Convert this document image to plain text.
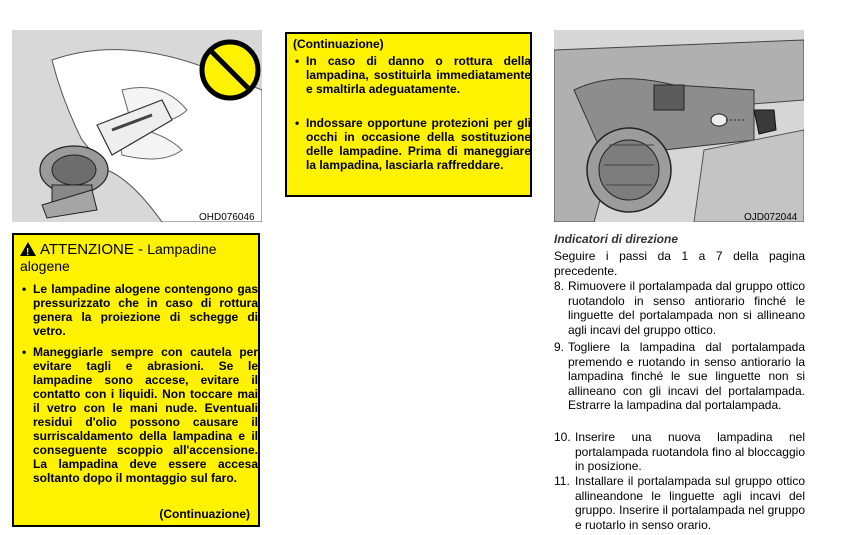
OHD076046
!ATTENZIONE - Lampadine alogene
• Le lampadine alogene contengono gas pressurizzato che in caso di rottura genera la proiezione di schegge di vetro.
• Maneggiarle sempre con cautela per evitare tagli e abrasioni. Se le lampadine sono accese, evitare il contatto con i liquidi. Non toccare mai il vetro con le mani nude. Eventuali residui d'olio possono causare il surriscaldamento della lampadina e il conseguente scoppio all'accensione. La lampadina deve essere accesa soltanto dopo il montaggio sul faro.
(Continuazione)
(Continuazione)
• In caso di danno o rottura della lampadina, sostituirla immediatamente e smaltirla adeguatamente.
• Indossare opportune protezioni per gli occhi in occasione della sostituzione delle lampadine. Prima di maneggiare la lampadina, lasciarla raffreddare.
OJD072044
Indicatori di direzione
Seguire i passi da 1 a 7 della pagina precedente.
8. Rimuovere il portalampada dal gruppo ottico ruotandolo in senso antiorario finché le linguette del portalampada non si allineano agli incavi del gruppo ottico.
9. Togliere la lampadina dal portalampada premendo e ruotando in senso antiorario la lampadina finché le sue linguette non si allineano con gli incavi del portalampada. Estrarre la lampadina dal portalampada.
10. Inserire una nuova lampadina nel portalampada ruotandola fino al bloccaggio in posizione.
11. Installare il portalampada sul gruppo ottico allineandone le linguette agli incavi del gruppo. Inserire il portalampada nel gruppo e ruotarlo in senso orario.
